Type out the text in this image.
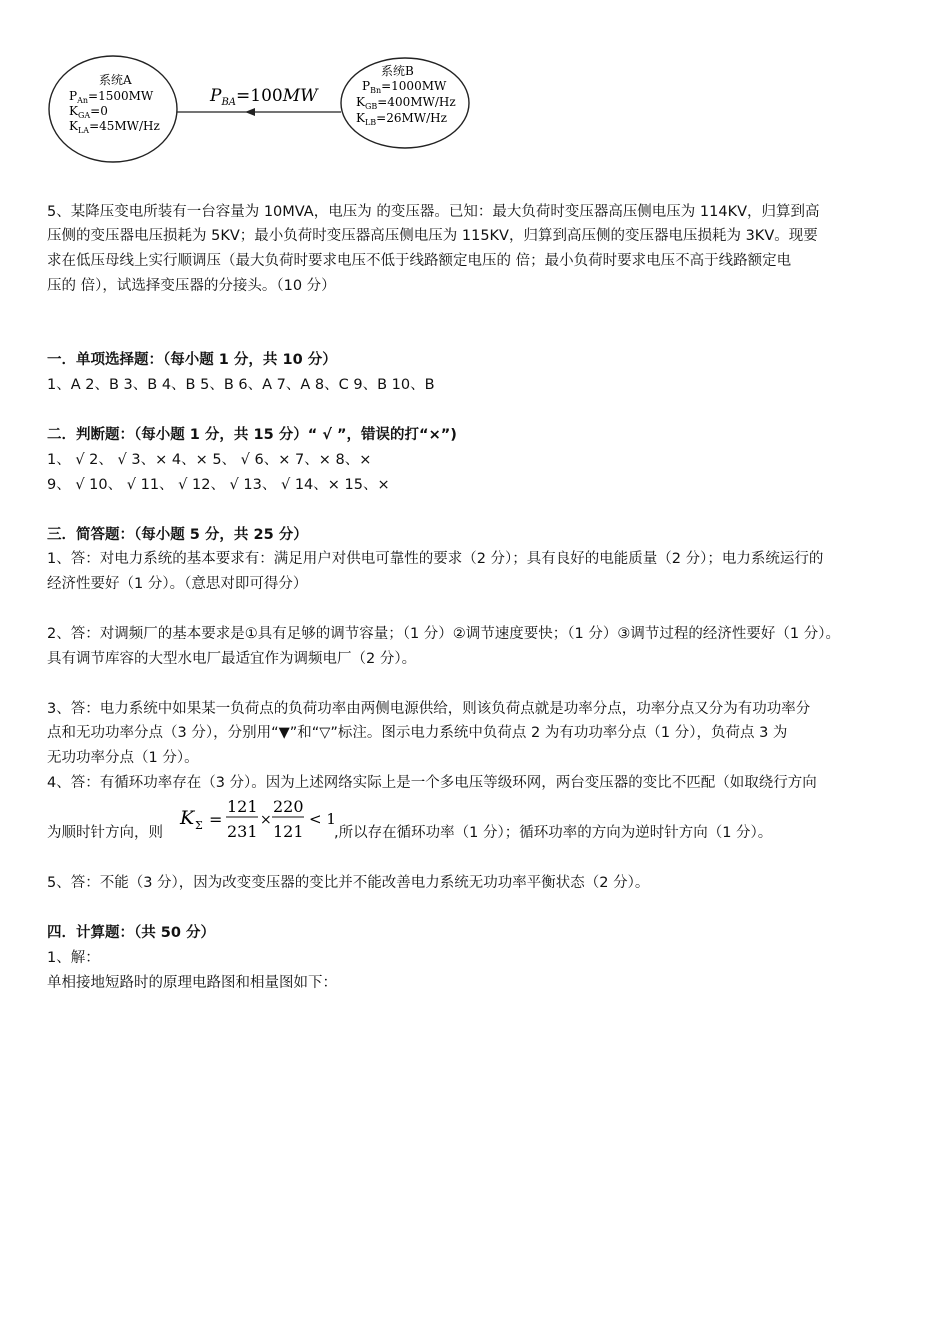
系统A
$P_{An}=1500MW$
$K_{GA}=0$
$K_{LA}=45MW/Hz$
系统B
$P_{Bn}=1000MW$
$K_{GB}=400MW/Hz$
$K_{LB}=26MW/Hz$
$P_{BA}=100MW$
5、某降压变电所装有一台容量为 10MVA，电压为 的变压器。已知：最大负荷时变压器高压侧电压为 114KV，归算到高
压侧的变压器电压损耗为 5KV；最小负荷时变压器高压侧电压为 115KV，归算到高压侧的变压器电压损耗为 3KV。现要
求在低压母线上实行顺调压（最大负荷时要求电压不低于线路额定电压的 倍；最小负荷时要求电压不高于线路额定电
压的 倍），试选择变压器的分接头。（10 分）
一．单项选择题：（每小题 1 分，共 10 分）
1、A 2、B 3、B 4、B 5、B 6、A 7、A 8、C 9、B 10、B
二．判断题：（每小题 1 分，共 15 分）“ √ ”，错误的打“×”)
1、 √ 2、 √ 3、× 4、× 5、 √ 6、× 7、× 8、×
9、 √ 10、 √ 11、 √ 12、 √ 13、 √ 14、× 15、×
三．简答题：（每小题 5 分，共 25 分）
1、答：对电力系统的基本要求有：满足用户对供电可靠性的要求（2 分）；具有良好的电能质量（2 分）；电力系统运行的
经济性要好（1 分）。（意思对即可得分）
2、答：对调频厂的基本要求是①具有足够的调节容量；（1 分）②调节速度要快；（1 分）③调节过程的经济性要好（1 分）。
具有调节库容的大型水电厂最适宜作为调频电厂（2 分）。
3、答：电力系统中如果某一负荷点的负荷功率由两侧电源供给，则该负荷点就是功率分点，功率分点又分为有功功率分
点和无功功率分点（3 分），分别用“▼”和“▽”标注。图示电力系统中负荷点 2 为有功功率分点（1 分），负荷点 3 为
无功功率分点（1 分）。
4、答：有循环功率存在（3 分）。因为上述网络实际上是一个多电压等级环网，两台变压器的变比不匹配（如取绕行方向
为顺时针方向，则
K Σ =
121
231
×
220
121
< 1
,所以存在循环功率（1 分）；循环功率的方向为逆时针方向（1 分）。
5、答：不能（3 分），因为改变变压器的变比并不能改善电力系统无功功率平衡状态（2 分）。
四．计算题：（共 50 分）
1、解：
单相接地短路时的原理电路图和相量图如下：
